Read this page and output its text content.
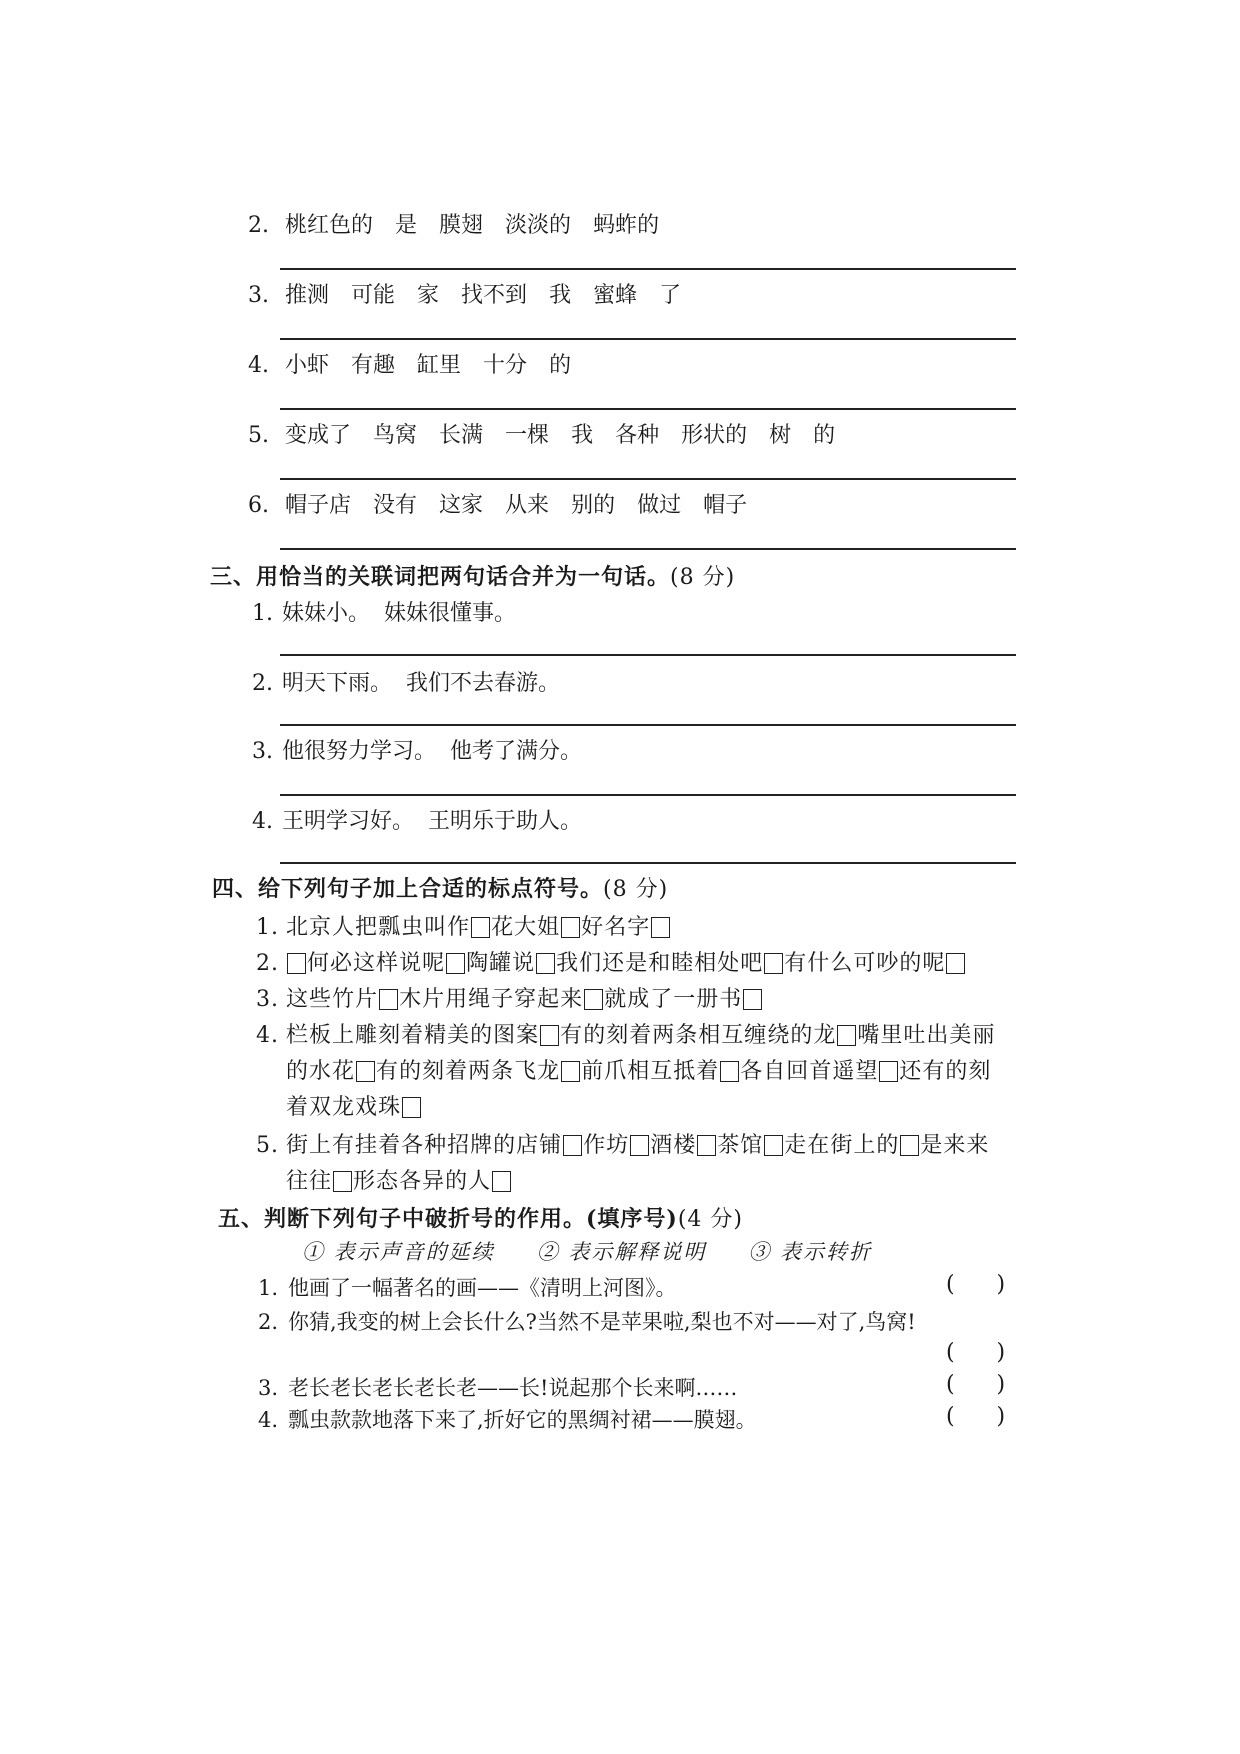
2. 桃红色的 是 膜翅 淡淡的 蚂蚱的
3. 推测 可能 家 找不到 我 蜜蜂 了
4. 小虾 有趣 缸里 十分 的
5. 变成了 鸟窝 长满 一棵 我 各种 形状的 树 的
6. 帽子店 没有 这家 从来 别的 做过 帽子
三、用恰当的关联词把两句话合并为一句话。(8 分)
1. 妹妹小。  妹妹很懂事。
2. 明天下雨。  我们不去春游。
3. 他很努力学习。  他考了满分。
4. 王明学习好。  王明乐于助人。
四、给下列句子加上合适的标点符号。(8 分)
1. 北京人把瓢虫叫作 花大姐 好名字
2. 何必这样说呢 陶罐说 我们还是和睦相处吧 有什么可吵的呢
3. 这些竹片 木片用绳子穿起来 就成了一册书
4. 栏板上雕刻着精美的图案 有的刻着两条相互缠绕的龙 嘴里吐出美丽
的水花 有的刻着两条飞龙 前爪相互抵着 各自回首遥望 还有的刻
着双龙戏珠
5. 街上有挂着各种招牌的店铺 作坊 酒楼 茶馆 走在街上的 是来来
往往 形态各异的人
五、判断下列句子中破折号的作用。(填序号)(4 分)
① 表示声音的延续 ② 表示解释说明 ③ 表示转折
1. 他画了一幅著名的画——《清明上河图》。	(      )
2. 你猜,我变的树上会长什么?当然不是苹果啦,梨也不对——对了,鸟窝!
(      )
3. 老长老长老长老长老——长!说起那个长来啊……	(      )
4. 瓢虫款款地落下来了,折好它的黑绸衬裙——膜翅。	(      )
